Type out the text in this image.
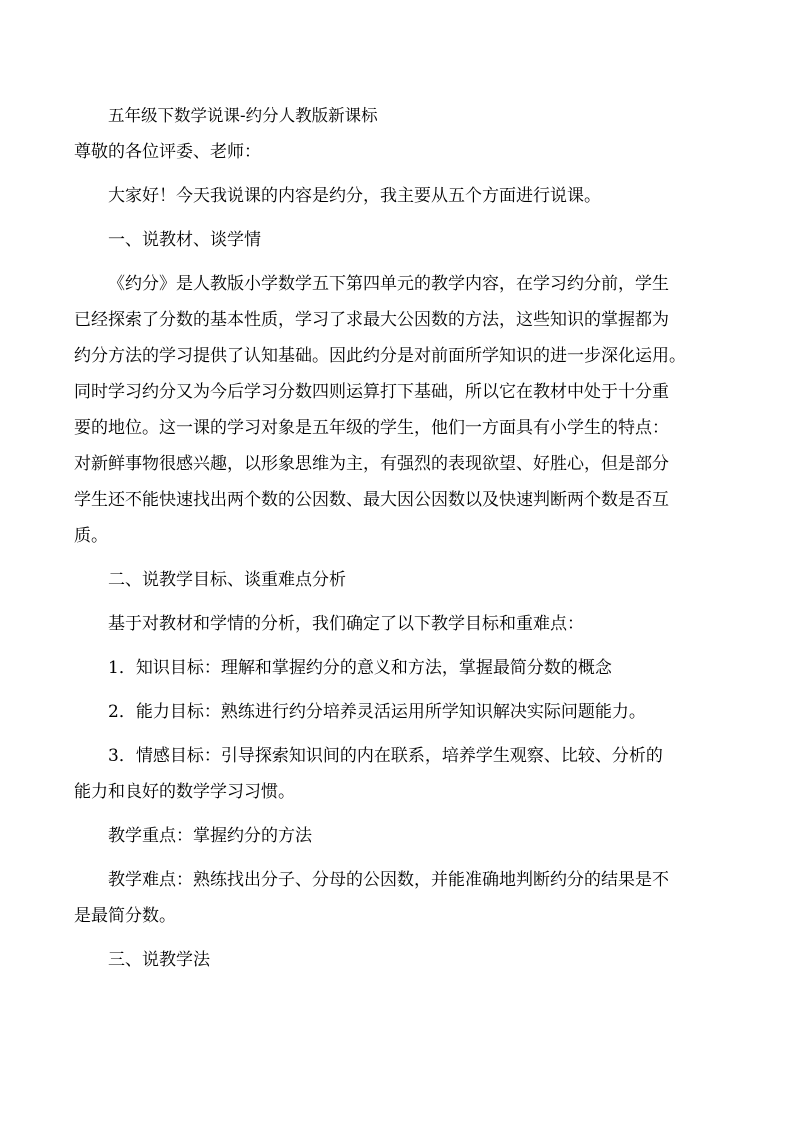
五年级下数学说课-约分人教版新课标

尊敬的各位评委、老师：

大家好！今天我说课的内容是约分，我主要从五个方面进行说课。

一、说教材、谈学情

《约分》是人教版小学数学五下第四单元的教学内容，在学习约分前，学生

已经探索了分数的基本性质，学习了求最大公因数的方法，这些知识的掌握都为

约分方法的学习提供了认知基础。因此约分是对前面所学知识的进一步深化运用。

同时学习约分又为今后学习分数四则运算打下基础，所以它在教材中处于十分重

要的地位。这一课的学习对象是五年级的学生，他们一方面具有小学生的特点：

对新鲜事物很感兴趣，以形象思维为主，有强烈的表现欲望、好胜心，但是部分

学生还不能快速找出两个数的公因数、最大因公因数以及快速判断两个数是否互

质。

二、说教学目标、谈重难点分析

基于对教材和学情的分析，我们确定了以下教学目标和重难点：

1．知识目标：理解和掌握约分的意义和方法，掌握最简分数的概念

2．能力目标：熟练进行约分培养灵活运用所学知识解决实际问题能力。

3．情感目标：引导探索知识间的内在联系，培养学生观察、比较、分析的

能力和良好的数学学习习惯。

教学重点：掌握约分的方法

教学难点：熟练找出分子、分母的公因数，并能准确地判断约分的结果是不

是最简分数。

三、说教学法
